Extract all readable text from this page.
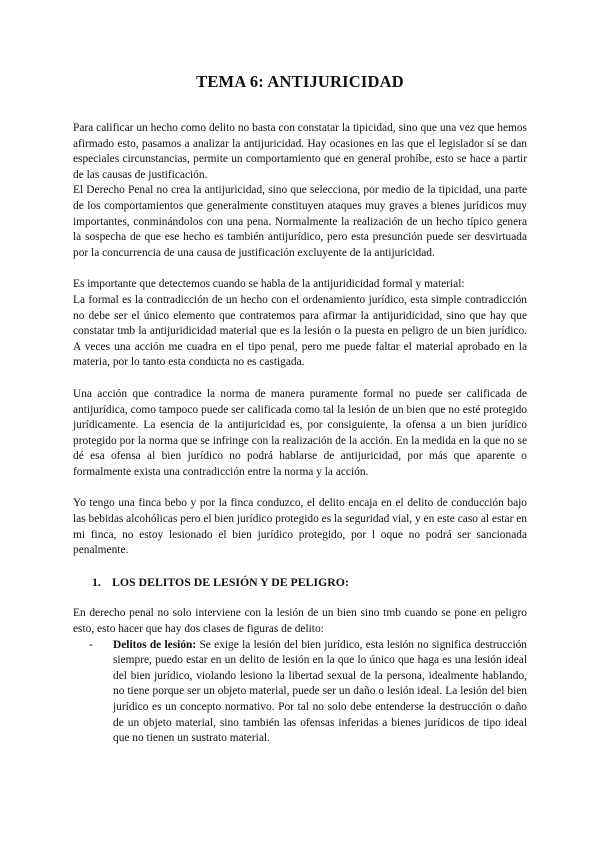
TEMA 6: ANTIJURICIDAD

Para calificar un hecho como delito no basta con constatar la tipicidad, sino que una vez que hemos afirmado esto, pasamos a analizar la antijuricidad. Hay ocasiones en las que el legislador sí se dan especiales circunstancias, permite un comportamiento que en general prohíbe, esto se hace a partir de las causas de justificación.

El Derecho Penal no crea la antijuricidad, sino que selecciona, por medio de la tipicidad, una parte de los comportamientos que generalmente constituyen ataques muy graves a bienes jurídicos muy importantes, conminándolos con una pena. Normalmente la realización de un hecho típico genera la sospecha de que ese hecho es también antijurídico, pero esta presunción puede ser desvirtuada por la concurrencia de una causa de justificación excluyente de la antijuricidad.

Es importante que detectemos cuando se habla de la antijuridicidad formal y material:

La formal es la contradicción de un hecho con el ordenamiento jurídico, esta simple contradicción no debe ser el único elemento que contratemos para afirmar la antijuridicidad, sino que hay que constatar tmb la antijuridicidad material que es la lesión o la puesta en peligro de un bien jurídico. A veces una acción me cuadra en el tipo penal, pero me puede faltar el material aprobado en la materia, por lo tanto esta conducta no es castigada.

Una acción que contradice la norma de manera puramente formal no puede ser calificada de antijurídica, como tampoco puede ser calificada como tal la lesión de un bien que no esté protegido jurídicamente. La esencia de la antijuricidad es, por consiguiente, la ofensa a un bien jurídico protegido por la norma que se infringe con la realización de la acción. En la medida en la que no se dé esa ofensa al bien jurídico no podrá hablarse de antijuricidad, por más que aparente o formalmente exista una contradicción entre la norma y la acción.

Yo tengo una finca bebo y por la finca conduzco, el delito encaja en el delito de conducción bajo las bebidas alcohólicas pero el bien jurídico protegido es la seguridad vial, y en este caso al estar en mi finca, no estoy lesionado el bien jurídico protegido, por l oque no podrá ser sancionada penalmente.

1. LOS DELITOS DE LESIÓN Y DE PELIGRO:

En derecho penal no solo interviene con la lesión de un bien sino tmb cuando se pone en peligro esto, esto hacer que hay dos clases de figuras de delito:

-	Delitos de lesión: Se exige la lesión del bien jurídico, esta lesión no significa destrucción siempre, puedo estar en un delito de lesión en la que lo único que haga es una lesión ideal del bien jurídico, violando lesiono la libertad sexual de la persona, idealmente hablando, no tiene porque ser un objeto material, puede ser un daño o lesión ideal. La lesión del bien jurídico es un concepto normativo. Por tal no solo debe entenderse la destrucción o daño de un objeto material, sino también las ofensas inferidas a bienes jurídicos de tipo ideal que no tienen un sustrato material.
